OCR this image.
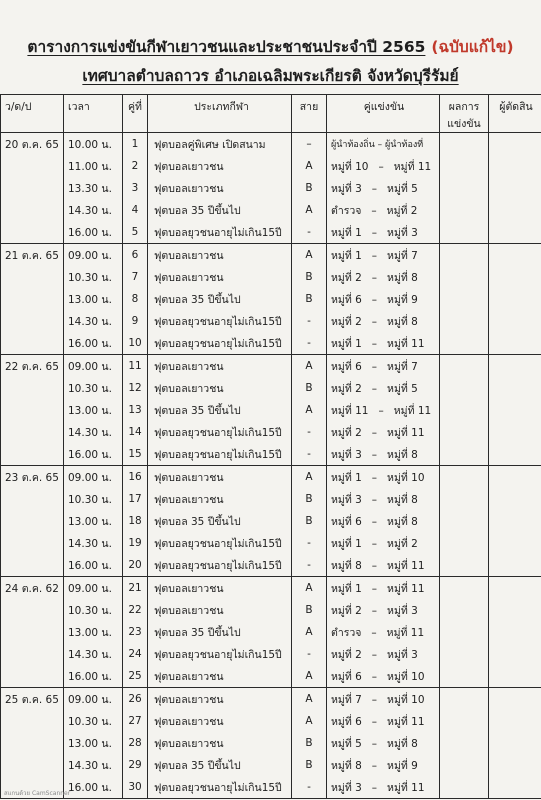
ตารางการแข่งขันกีฬาเยาวชนและประชาชนประจำปี 2565 (ฉบับแก้ไข)
เทศบาลตำบลถาวร อำเภอเฉลิมพระเกียรติ จังหวัดบุรีรัมย์
ว/ด/ป	เวลา	คู่ที่	ประเภทกีฬา	สาย	คู่แข่งขัน	ผลการ
แข่งขัน	ผู้ตัดสิน
20 ต.ค. 65	10.00 น.	1	ฟุตบอลคู่พิเศษ เปิดสนาม	–	ผู้นำท้องถิ่น – ผู้นำท้องที่		
	11.00 น.	2	ฟุตบอลเยาวชน	A	หมู่ที่ 10   –   หมู่ที่ 11		
	13.30 น.	3	ฟุตบอลเยาวชน	B	หมู่ที่ 3   –   หมู่ที่ 5		
	14.30 น.	4	ฟุตบอล 35 ปีขึ้นไป	A	ตำรวจ   –   หมู่ที่ 2		
	16.00 น.	5	ฟุตบอลยุวชนอายุไม่เกิน15ปี	-	หมู่ที่ 1   –   หมู่ที่ 3		
21 ต.ค. 65	09.00 น.	6	ฟุตบอลเยาวชน	A	หมู่ที่ 1   –   หมู่ที่ 7		
	10.30 น.	7	ฟุตบอลเยาวชน	B	หมู่ที่ 2   –   หมู่ที่ 8		
	13.00 น.	8	ฟุตบอล 35 ปีขึ้นไป	B	หมู่ที่ 6   –   หมู่ที่ 9		
	14.30 น.	9	ฟุตบอลยุวชนอายุไม่เกิน15ปี	-	หมู่ที่ 2   –   หมู่ที่ 8		
	16.00 น.	10	ฟุตบอลยุวชนอายุไม่เกิน15ปี	-	หมู่ที่ 1   –   หมู่ที่ 11		
22 ต.ค. 65	09.00 น.	11	ฟุตบอลเยาวชน	A	หมู่ที่ 6   –   หมู่ที่ 7		
	10.30 น.	12	ฟุตบอลเยาวชน	B	หมู่ที่ 2   –   หมู่ที่ 5		
	13.00 น.	13	ฟุตบอล 35 ปีขึ้นไป	A	หมู่ที่ 11   –   หมู่ที่ 11		
	14.30 น.	14	ฟุตบอลยุวชนอายุไม่เกิน15ปี	-	หมู่ที่ 2   –   หมู่ที่ 11		
	16.00 น.	15	ฟุตบอลยุวชนอายุไม่เกิน15ปี	-	หมู่ที่ 3   –   หมู่ที่ 8		
23 ต.ค. 65	09.00 น.	16	ฟุตบอลเยาวชน	A	หมู่ที่ 1   –   หมู่ที่ 10		
	10.30 น.	17	ฟุตบอลเยาวชน	B	หมู่ที่ 3   –   หมู่ที่ 8		
	13.00 น.	18	ฟุตบอล 35 ปีขึ้นไป	B	หมู่ที่ 6   –   หมู่ที่ 8		
	14.30 น.	19	ฟุตบอลยุวชนอายุไม่เกิน15ปี	-	หมู่ที่ 1   –   หมู่ที่ 2		
	16.00 น.	20	ฟุตบอลยุวชนอายุไม่เกิน15ปี	-	หมู่ที่ 8   –   หมู่ที่ 11		
24 ต.ค. 62	09.00 น.	21	ฟุตบอลเยาวชน	A	หมู่ที่ 1   –   หมู่ที่ 11		
	10.30 น.	22	ฟุตบอลเยาวชน	B	หมู่ที่ 2   –   หมู่ที่ 3		
	13.00 น.	23	ฟุตบอล 35 ปีขึ้นไป	A	ตำรวจ   –   หมู่ที่ 11		
	14.30 น.	24	ฟุตบอลยุวชนอายุไม่เกิน15ปี	-	หมู่ที่ 2   –   หมู่ที่ 3		
	16.00 น.	25	ฟุตบอลเยาวชน	A	หมู่ที่ 6   –   หมู่ที่ 10		
25 ต.ค. 65	09.00 น.	26	ฟุตบอลเยาวชน	A	หมู่ที่ 7   –   หมู่ที่ 10		
	10.30 น.	27	ฟุตบอลเยาวชน	A	หมู่ที่ 6   –   หมู่ที่ 11		
	13.00 น.	28	ฟุตบอลเยาวชน	B	หมู่ที่ 5   –   หมู่ที่ 8		
	14.30 น.	29	ฟุตบอล 35 ปีขึ้นไป	B	หมู่ที่ 8   –   หมู่ที่ 9		
	16.00 น.	30	ฟุตบอลยุวชนอายุไม่เกิน15ปี	-	หมู่ที่ 3   –   หมู่ที่ 11		
สแกนด้วย CamScanner
